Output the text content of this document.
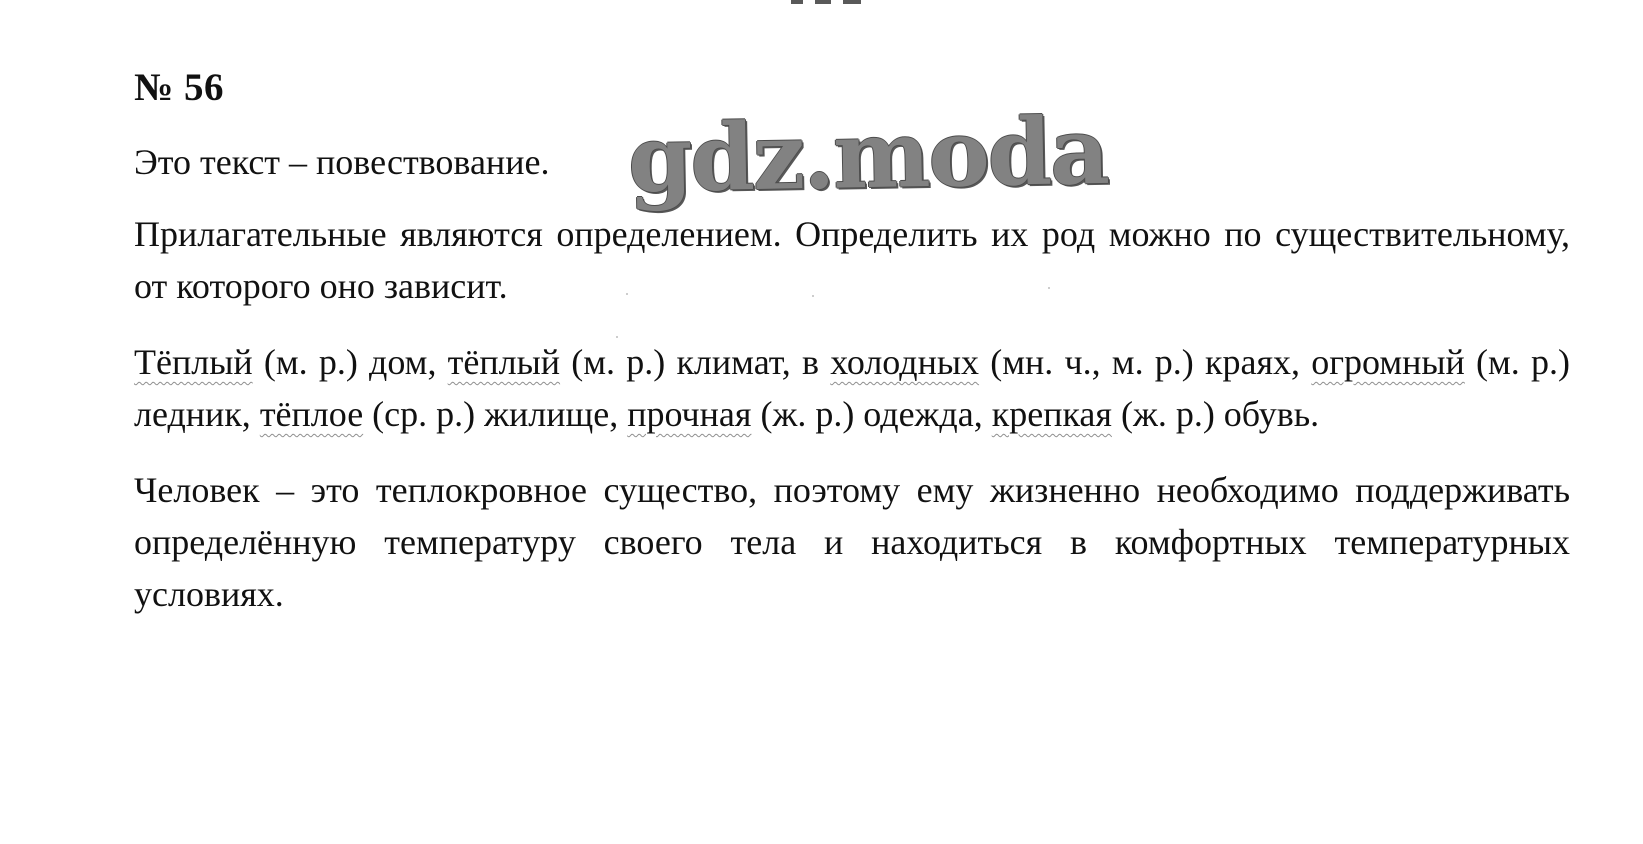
№ 56

Это текст – повествование.

Прилагательные являются определением. Определить их род можно по существительному, от которого оно зависит.

Тёплый (м. р.) дом, тёплый (м. р.) климат, в холодных (мн. ч., м. р.) краях, огромный (м. р.) ледник, тёплое (ср. р.) жилище, прочная (ж. р.) одежда, крепкая (ж. р.) обувь.

Человек – это теплокровное существо, поэтому ему жизненно необходимо поддерживать определённую температуру своего тела и находиться в комфортных температурных условиях.

gdz.moda
